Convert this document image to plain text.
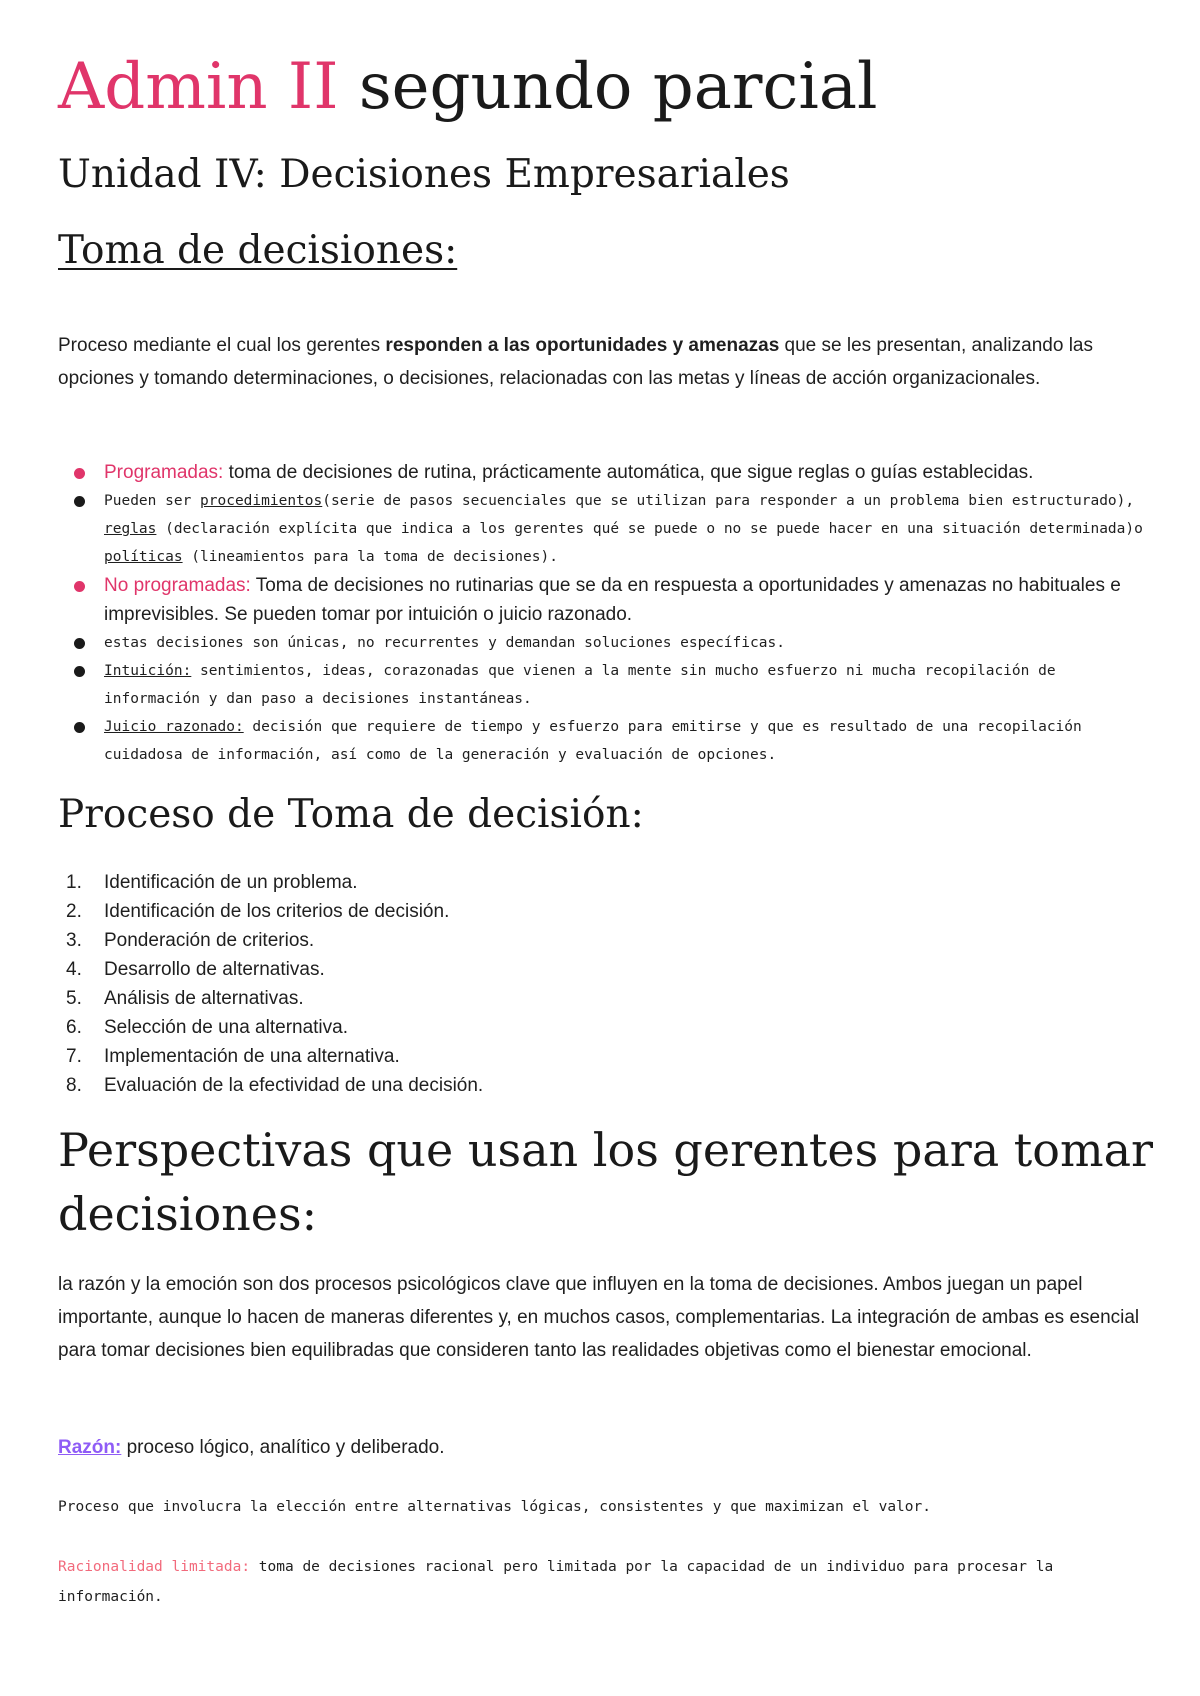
Admin II segundo parcial
Unidad IV: Decisiones Empresariales
Toma de decisiones:

Proceso mediante el cual los gerentes responden a las oportunidades y amenazas que se les presentan, analizando las opciones y tomando determinaciones, o decisiones, relacionadas con las metas y líneas de acción organizacionales.

Programadas: toma de decisiones de rutina, prácticamente automática, que sigue reglas o guías establecidas.
Pueden ser procedimientos(serie de pasos secuenciales que se utilizan para responder a un problema bien estructurado), reglas (declaración explícita que indica a los gerentes qué se puede o no se puede hacer en una situación determinada)o políticas (lineamientos para la toma de decisiones).
No programadas: Toma de decisiones no rutinarias que se da en respuesta a oportunidades y amenazas no habituales e imprevisibles. Se pueden tomar por intuición o juicio razonado.
estas decisiones son únicas, no recurrentes y demandan soluciones específicas.
Intuición: sentimientos, ideas, corazonadas que vienen a la mente sin mucho esfuerzo ni mucha recopilación de información y dan paso a decisiones instantáneas.
Juicio razonado: decisión que requiere de tiempo y esfuerzo para emitirse y que es resultado de una recopilación cuidadosa de información, así como de la generación y evaluación de opciones.
Proceso de Toma de decisión:
1.	Identificación de un problema.
2.	Identificación de los criterios de decisión.
3.	Ponderación de criterios.
4.	Desarrollo de alternativas.
5.	Análisis de alternativas.
6.	Selección de una alternativa.
7.	Implementación de una alternativa.
8.	Evaluación de la efectividad de una decisión.
Perspectivas que usan los gerentes para tomar decisiones:

la razón y la emoción son dos procesos psicológicos clave que influyen en la toma de decisiones. Ambos juegan un papel importante, aunque lo hacen de maneras diferentes y, en muchos casos, complementarias. La integración de ambas es esencial para tomar decisiones bien equilibradas que consideren tanto las realidades objetivas como el bienestar emocional.

Razón: proceso lógico, analítico y deliberado.

Proceso que involucra la elección entre alternativas lógicas, consistentes y que maximizan el valor.

Racionalidad limitada: toma de decisiones racional pero limitada por la capacidad de un individuo para procesar la información.
